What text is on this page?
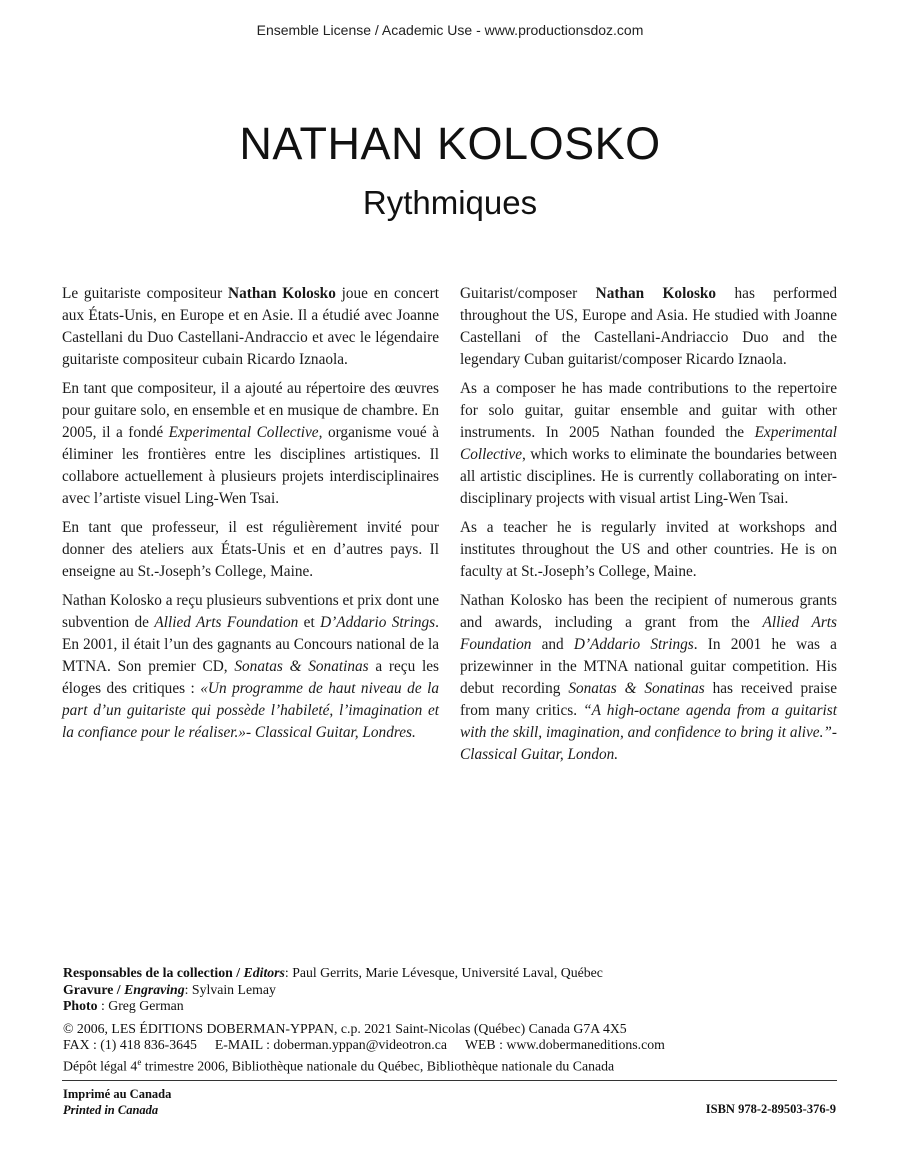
Ensemble License / Academic Use - www.productionsdoz.com
NATHAN KOLOSKO
Rythmiques

Le guitariste compositeur Nathan Kolosko joue en concert aux États-Unis, en Europe et en Asie. Il a étudié avec Joanne Castellani du Duo Castellani-Andraccio et avec le légendaire guitariste compositeur cubain Ricardo Iznaola.

En tant que compositeur, il a ajouté au répertoire des œuvres pour guitare solo, en ensemble et en musique de chambre. En 2005, il a fondé Experimental Collective, organisme voué à éliminer les frontières entre les disciplines artistiques. Il collabore actuellement à plusieurs projets interdisciplinaires avec l’artiste visuel Ling-Wen Tsai.

En tant que professeur, il est régulièrement invité pour donner des ateliers aux États-Unis et en d’autres pays. Il enseigne au St.-Joseph’s College, Maine.

Nathan Kolosko a reçu plusieurs subventions et prix dont une subvention de Allied Arts Foundation et D’Addario Strings. En 2001, il était l’un des gagnants au Concours national de la MTNA. Son premier CD, Sonatas & Sonatinas a reçu les éloges des critiques : «Un programme de haut niveau de la part d’un guitariste qui possède l’habileté, l’imagination et la confiance pour le réaliser.»- Classical Guitar, Londres.

Guitarist/composer Nathan Kolosko has performed throughout the US, Europe and Asia. He studied with Joanne Castellani of the Castellani-Andriaccio Duo and the legendary Cuban guitarist/composer Ricardo Iznaola.

As a composer he has made contributions to the repertoire for solo guitar, guitar ensemble and guitar with other instruments. In 2005 Nathan founded the Experimental Collective, which works to eliminate the boundaries between all artistic disciplines. He is currently collaborating on inter-disciplinary projects with visual artist Ling-Wen Tsai.

As a teacher he is regularly invited at workshops and institutes throughout the US and other countries. He is on faculty at St.-Joseph’s College, Maine.

Nathan Kolosko has been the recipient of numerous grants and awards, including a grant from the Allied Arts Foundation and D’Addario Strings. In 2001 he was a prizewinner in the MTNA national guitar competition. His debut recording Sonatas & Sonatinas has received praise from many critics. “A high-octane agenda from a guitarist with the skill, imagination, and confidence to bring it alive.”- Classical Guitar, London.

Responsables de la collection / Editors: Paul Gerrits, Marie Lévesque, Université Laval, Québec
Gravure / Engraving: Sylvain Lemay
Photo : Greg German
© 2006, LES ÉDITIONS DOBERMAN-YPPAN, c.p. 2021 Saint-Nicolas (Québec) Canada G7A 4X5
FAX : (1) 418 836-3645 E-MAIL : doberman.yppan@videotron.ca WEB : www.dobermaneditions.com
Dépôt légal 4e trimestre 2006, Bibliothèque nationale du Québec, Bibliothèque nationale du Canada
Imprimé au Canada
Printed in Canada	ISBN 978-2-89503-376-9
